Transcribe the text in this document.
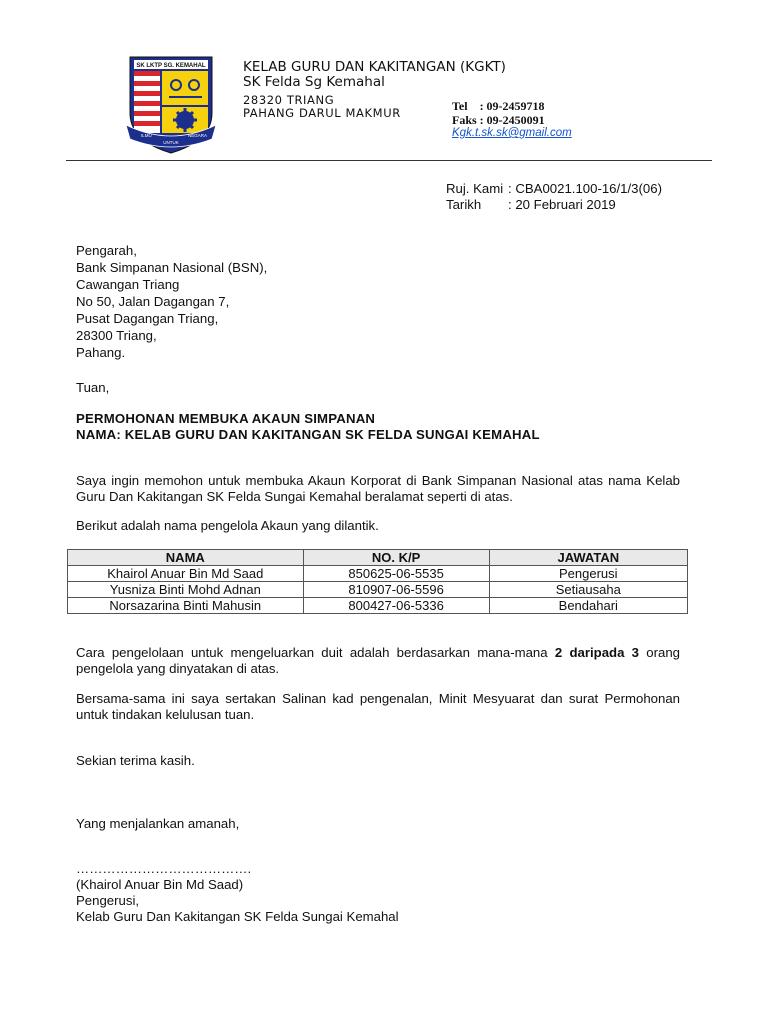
SK LKTP SG. KEMAHAL
ILMU
UNTUK
NEGARA
KELAB GURU DAN KAKITANGAN (KGKT)
SK Felda Sg Kemahal
28320 TRIANG
PAHANG DARUL MAKMUR	Tel    : 09-2459718
Faks : 09-2450091
Kgk.t.sk.sk@gmail.com
Ruj. Kami : CBA0021.100-16/1/3(06)
Tarikh : 20 Februari 2019
Pengarah,
Bank Simpanan Nasional (BSN),
Cawangan Triang
No 50, Jalan Dagangan 7,
Pusat Dagangan Triang,
28300 Triang,
Pahang.
Tuan,
PERMOHONAN MEMBUKA AKAUN SIMPANAN
NAMA: KELAB GURU DAN KAKITANGAN SK FELDA SUNGAI KEMAHAL
Saya ingin memohon untuk membuka Akaun Korporat di Bank Simpanan Nasional atas nama Kelab Guru Dan Kakitangan SK Felda Sungai Kemahal beralamat seperti di atas.
Berikut adalah nama pengelola Akaun yang dilantik.
NAMA	NO. K/P	JAWATAN
Khairol Anuar Bin Md Saad	850625-06-5535	Pengerusi
Yusniza Binti Mohd Adnan	810907-06-5596	Setiausaha
Norsazarina Binti Mahusin	800427-06-5336	Bendahari
Cara pengelolaan untuk mengeluarkan duit adalah berdasarkan mana-mana 2 daripada 3 orang pengelola yang dinyatakan di atas.
Bersama-sama ini saya sertakan Salinan kad pengenalan, Minit Mesyuarat dan surat Permohonan untuk tindakan kelulusan tuan.
Sekian terima kasih.
Yang menjalankan amanah,
………………………………….
(Khairol Anuar Bin Md Saad)
Pengerusi,
Kelab Guru Dan Kakitangan SK Felda Sungai Kemahal
